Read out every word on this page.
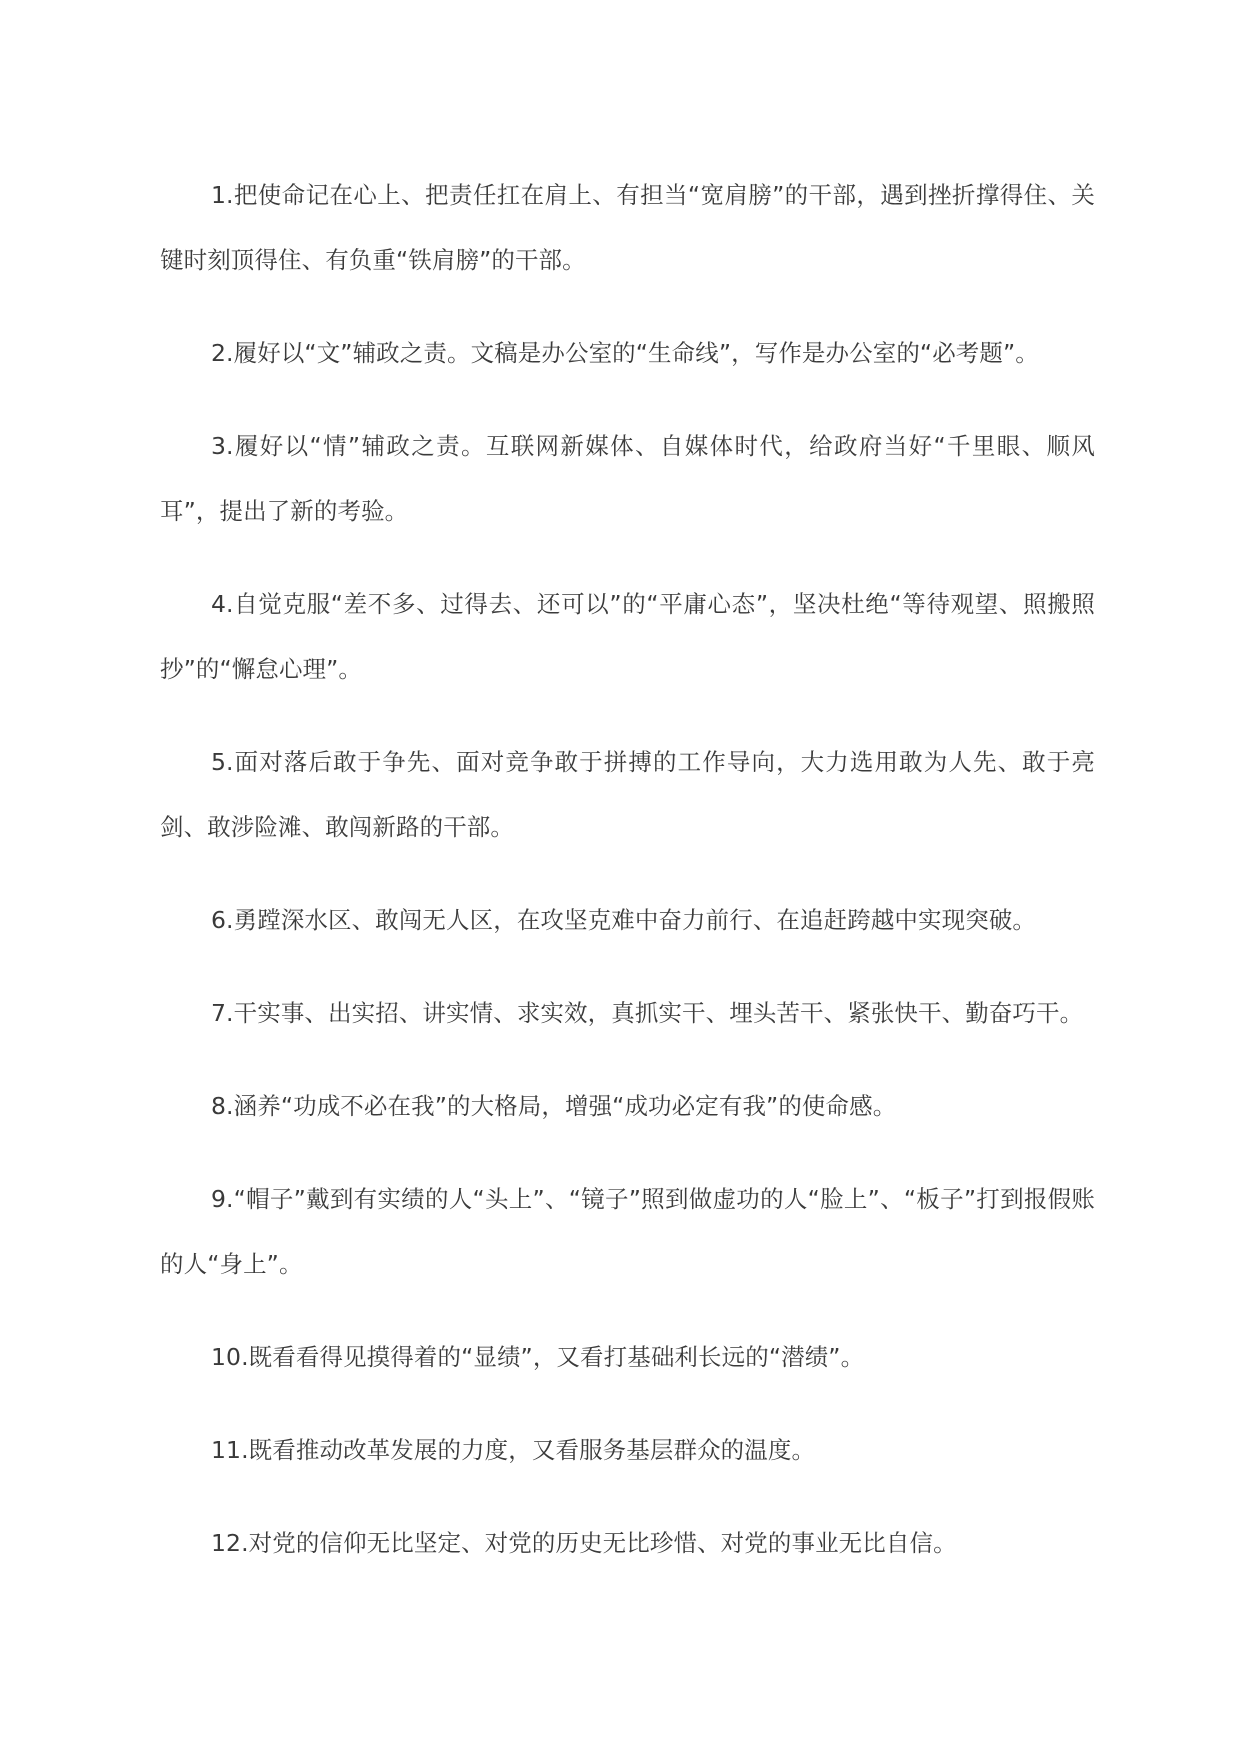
1.把使命记在心上、把责任扛在肩上、有担当“宽肩膀”的干部，遇到挫折撑得住、关键时刻顶得住、有负重“铁肩膀”的干部。

2.履好以“文”辅政之责。文稿是办公室的“生命线”，写作是办公室的“必考题”。

3.履好以“情”辅政之责。互联网新媒体、自媒体时代，给政府当好“千里眼、顺风耳”，提出了新的考验。

4.自觉克服“差不多、过得去、还可以”的“平庸心态”，坚决杜绝“等待观望、照搬照抄”的“懈怠心理”。

5.面对落后敢于争先、面对竞争敢于拼搏的工作导向，大力选用敢为人先、敢于亮剑、敢涉险滩、敢闯新路的干部。

6.勇蹚深水区、敢闯无人区，在攻坚克难中奋力前行、在追赶跨越中实现突破。

7.干实事、出实招、讲实情、求实效，真抓实干、埋头苦干、紧张快干、勤奋巧干。

8.涵养“功成不必在我”的大格局，增强“成功必定有我”的使命感。

9.“帽子”戴到有实绩的人“头上”、“镜子”照到做虚功的人“脸上”、“板子”打到报假账的人“身上”。

10.既看看得见摸得着的“显绩”，又看打基础利长远的“潜绩”。

11.既看推动改革发展的力度，又看服务基层群众的温度。

12.对党的信仰无比坚定、对党的历史无比珍惜、对党的事业无比自信。
